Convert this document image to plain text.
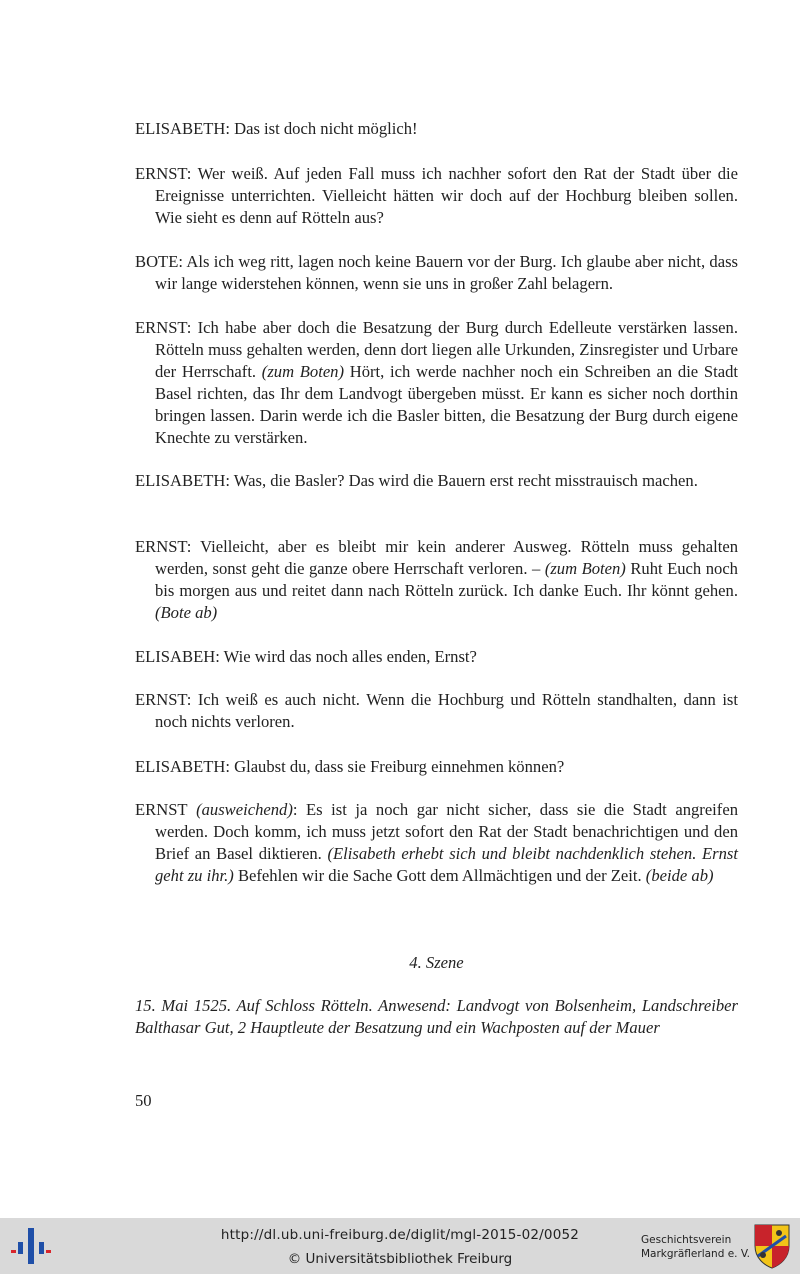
ELISABETH: Das ist doch nicht möglich!
ERNST: Wer weiß. Auf jeden Fall muss ich nachher sofort den Rat der Stadt über die Ereignisse unterrichten. Vielleicht hätten wir doch auf der Hochburg bleiben sollen. Wie sieht es denn auf Rötteln aus?
BOTE: Als ich weg ritt, lagen noch keine Bauern vor der Burg. Ich glaube aber nicht, dass wir lange widerstehen können, wenn sie uns in großer Zahl belagern.
ERNST: Ich habe aber doch die Besatzung der Burg durch Edelleute verstärken lassen. Rötteln muss gehalten werden, denn dort liegen alle Urkunden, Zinsregister und Urbare der Herrschaft. (zum Boten) Hört, ich werde nachher noch ein Schreiben an die Stadt Basel richten, das Ihr dem Landvogt übergeben müsst. Er kann es sicher noch dorthin bringen lassen. Darin werde ich die Basler bitten, die Besatzung der Burg durch eigene Knechte zu verstärken.
ELISABETH: Was, die Basler? Das wird die Bauern erst recht misstrauisch machen.
ERNST: Vielleicht, aber es bleibt mir kein anderer Ausweg. Rötteln muss gehalten werden, sonst geht die ganze obere Herrschaft verloren. – (zum Boten) Ruht Euch noch bis morgen aus und reitet dann nach Rötteln zurück. Ich danke Euch. Ihr könnt gehen. (Bote ab)
ELISABEH: Wie wird das noch alles enden, Ernst?
ERNST: Ich weiß es auch nicht. Wenn die Hochburg und Rötteln standhalten, dann ist noch nichts verloren.
ELISABETH: Glaubst du, dass sie Freiburg einnehmen können?
ERNST (ausweichend): Es ist ja noch gar nicht sicher, dass sie die Stadt angreifen werden. Doch komm, ich muss jetzt sofort den Rat der Stadt benachrichtigen und den Brief an Basel diktieren. (Elisabeth erhebt sich und bleibt nachdenklich stehen. Ernst geht zu ihr.) Befehlen wir die Sache Gott dem Allmächtigen und der Zeit. (beide ab)
4. Szene
15. Mai 1525. Auf Schloss Rötteln. Anwesend: Landvogt von Bolsenheim, Landschreiber Balthasar Gut, 2 Hauptleute der Besatzung und ein Wachposten auf der Mauer
50
http://dl.ub.uni-freiburg.de/diglit/mgl-2015-02/0052
© Universitätsbibliothek Freiburg
Geschichtsverein
Markgräflerland e. V.
